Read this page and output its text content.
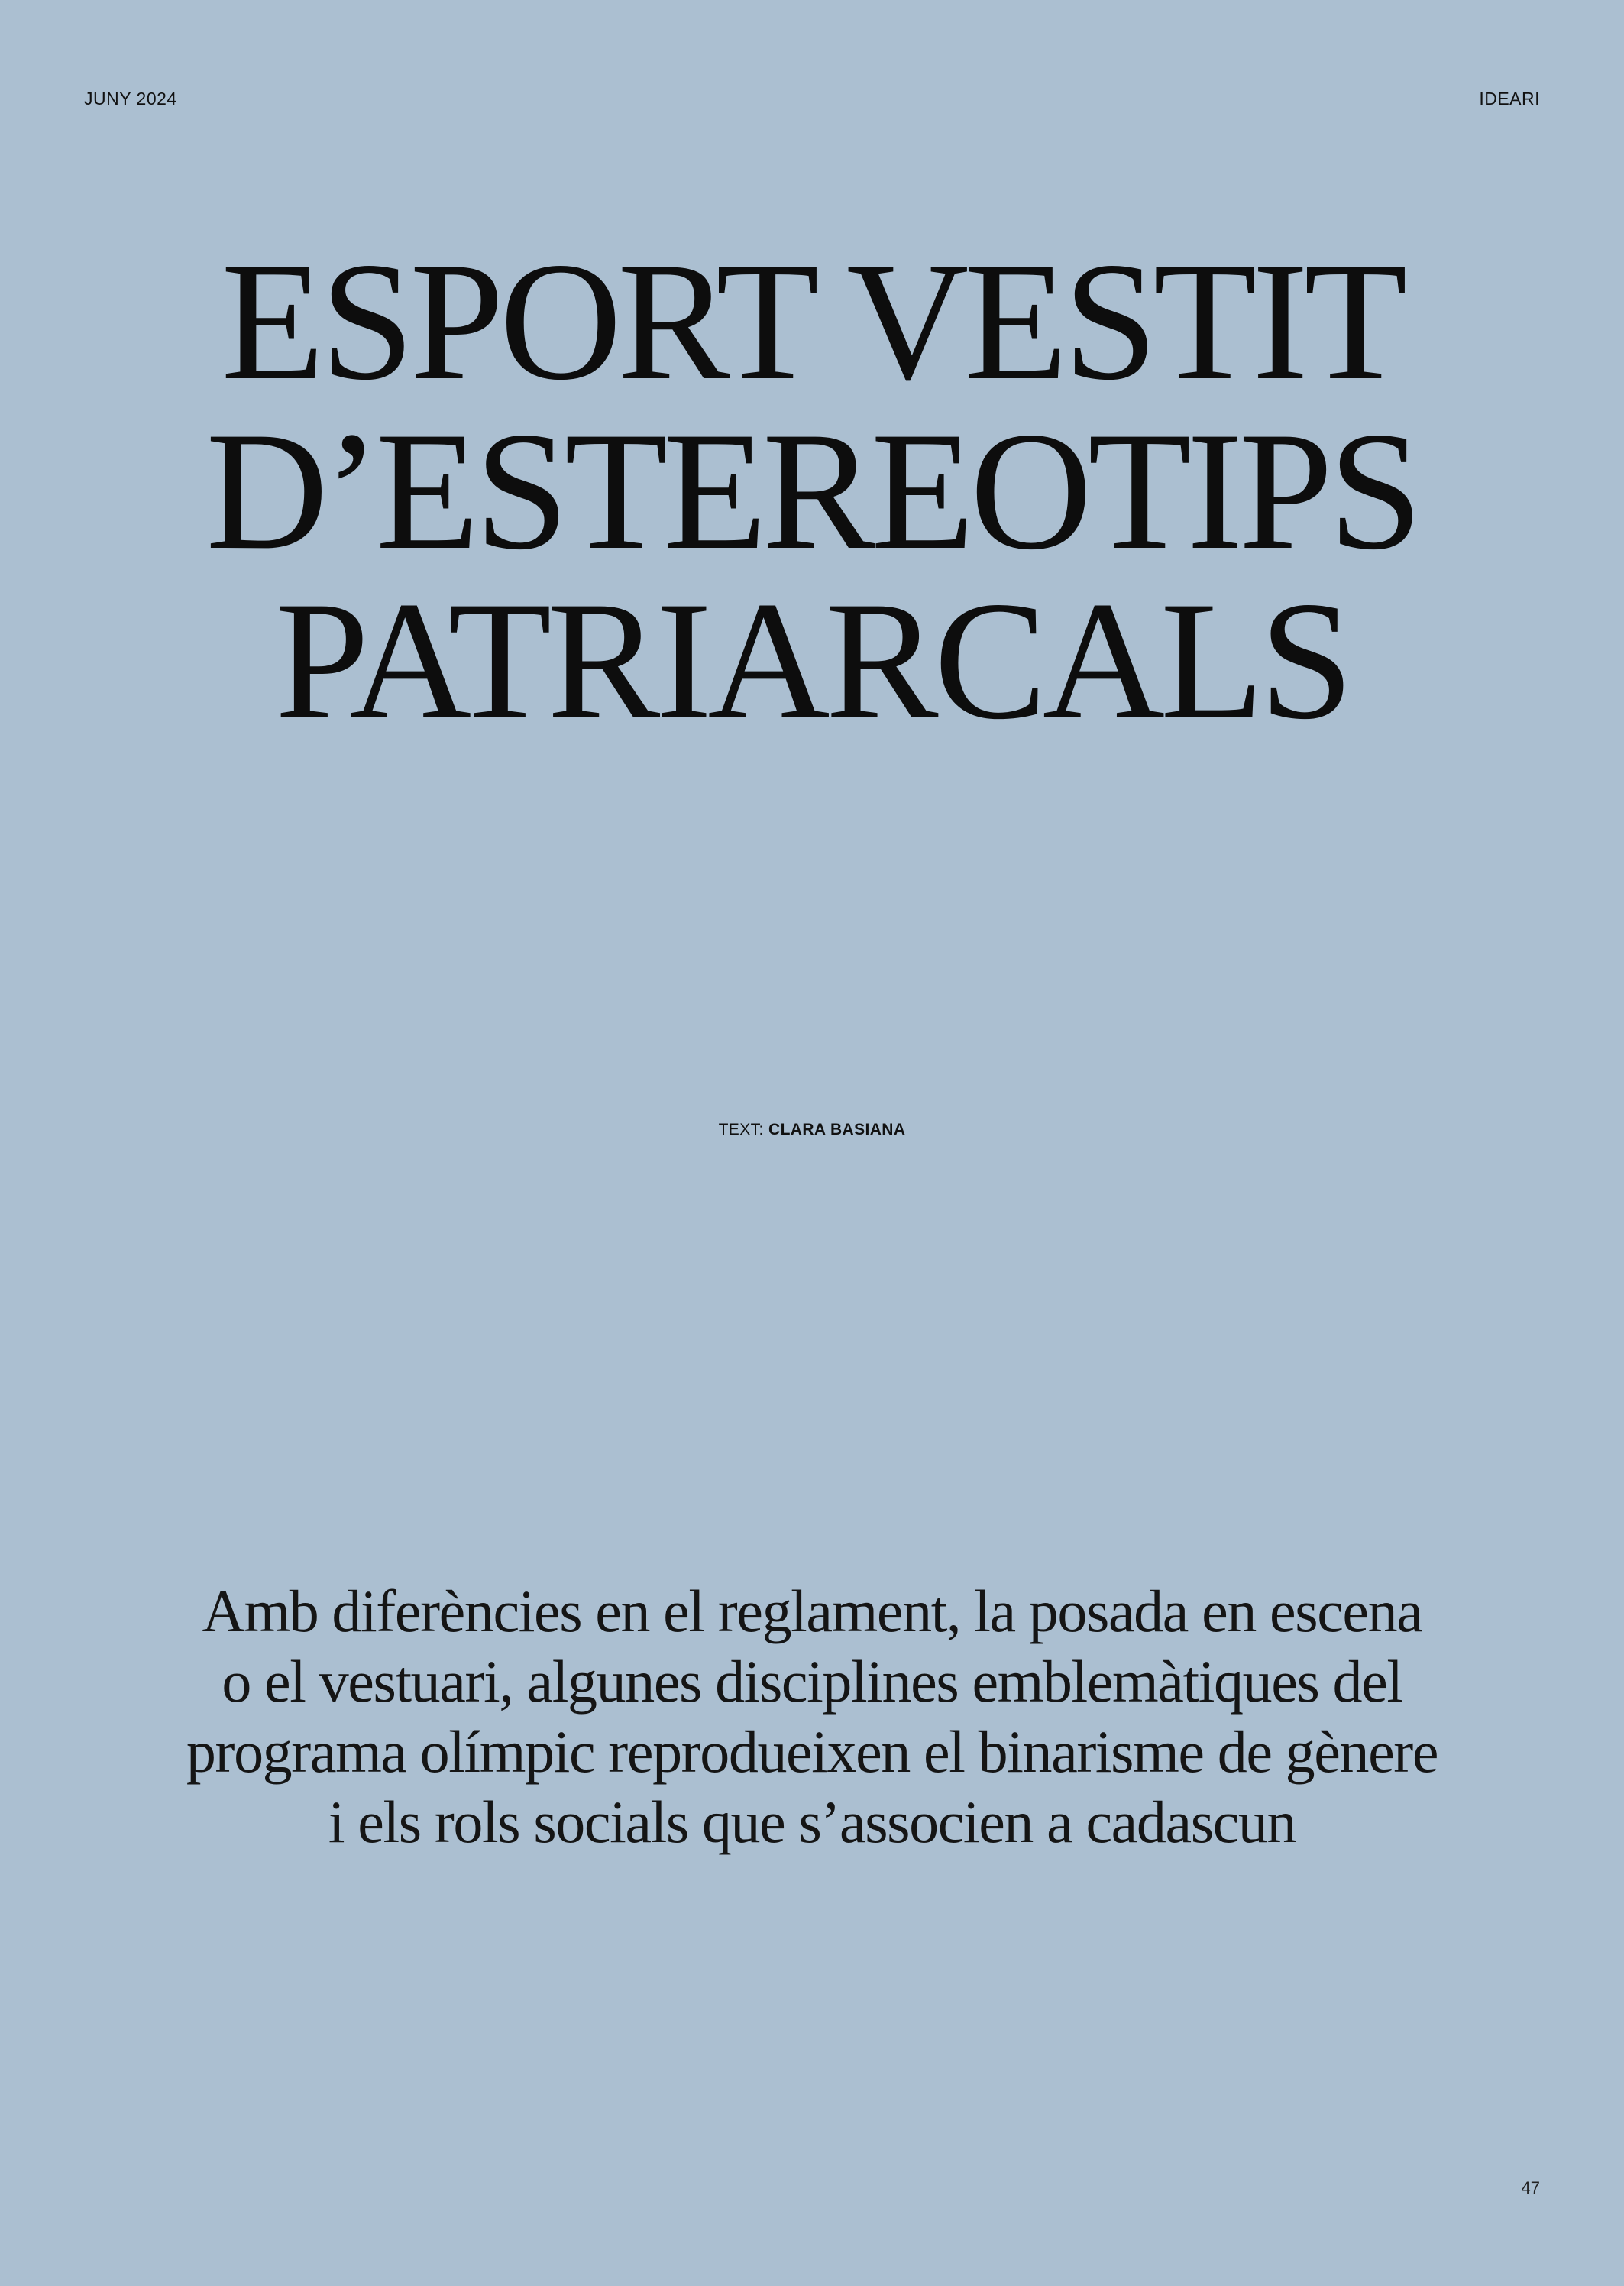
JUNY 2024	IDEARI
ESPORT VESTIT
D’ESTEREOTIPS
PATRIARCALS
TEXT: CLARA BASIANA

Amb diferències en el reglament, la posada en escena
o el vestuari, algunes disciplines emblemàtiques del
programa olímpic reprodueixen el binarisme de gènere
i els rols socials que s’associen a cadascun

47
